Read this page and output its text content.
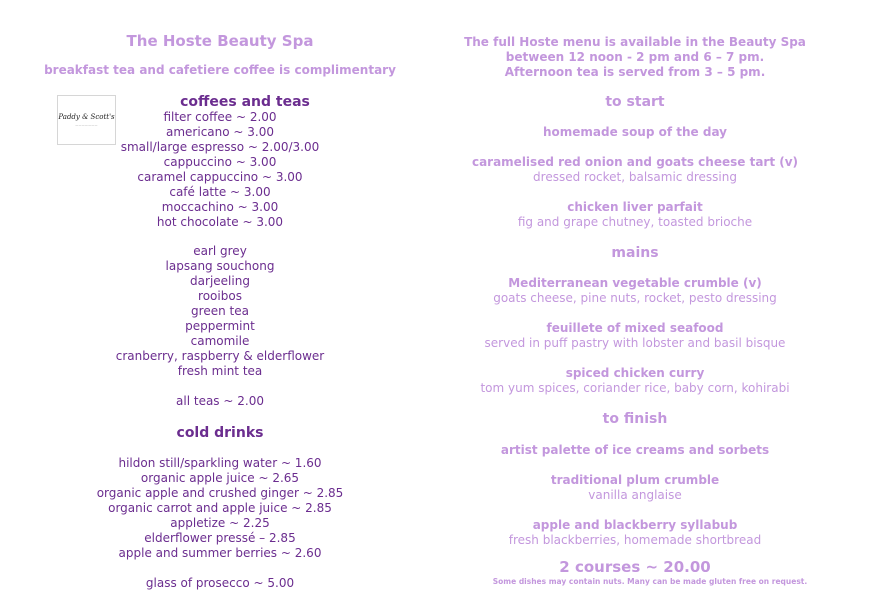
The Hoste Beauty Spa
breakfast tea and cafetiere coffee is complimentary
coffees and teas
filter coffee ~ 2.00
americano ~ 3.00
small/large espresso ~ 2.00/3.00
cappuccino ~ 3.00
caramel cappuccino ~ 3.00
café latte ~ 3.00
moccachino ~ 3.00
hot chocolate ~ 3.00
earl grey
lapsang souchong
darjeeling
rooibos
green tea
peppermint
camomile
cranberry, raspberry & elderflower
fresh mint tea
all teas ~ 2.00
cold drinks
hildon still/sparkling water ~ 1.60
organic apple juice ~ 2.65
organic apple and crushed ginger ~ 2.85
organic carrot and apple juice ~ 2.85
appletize ~ 2.25
elderflower pressé – 2.85
apple and summer berries ~ 2.60
glass of prosecco ~ 5.00
Paddy & Scott's
———————
The full Hoste menu is available in the Beauty Spa
between 12 noon - 2 pm and 6 – 7 pm.
Afternoon tea is served from 3 – 5 pm.
to start
homemade soup of the day
caramelised red onion and goats cheese tart (v)
dressed rocket, balsamic dressing
chicken liver parfait
fig and grape chutney, toasted brioche
mains
Mediterranean vegetable crumble (v)
goats cheese, pine nuts, rocket, pesto dressing
feuillete of mixed seafood
served in puff pastry with lobster and basil bisque
spiced chicken curry
tom yum spices, coriander rice, baby corn, kohirabi
to finish
artist palette of ice creams and sorbets
traditional plum crumble
vanilla anglaise
apple and blackberry syllabub
fresh blackberries, homemade shortbread
2 courses ~ 20.00
Some dishes may contain nuts. Many can be made gluten free on request.
